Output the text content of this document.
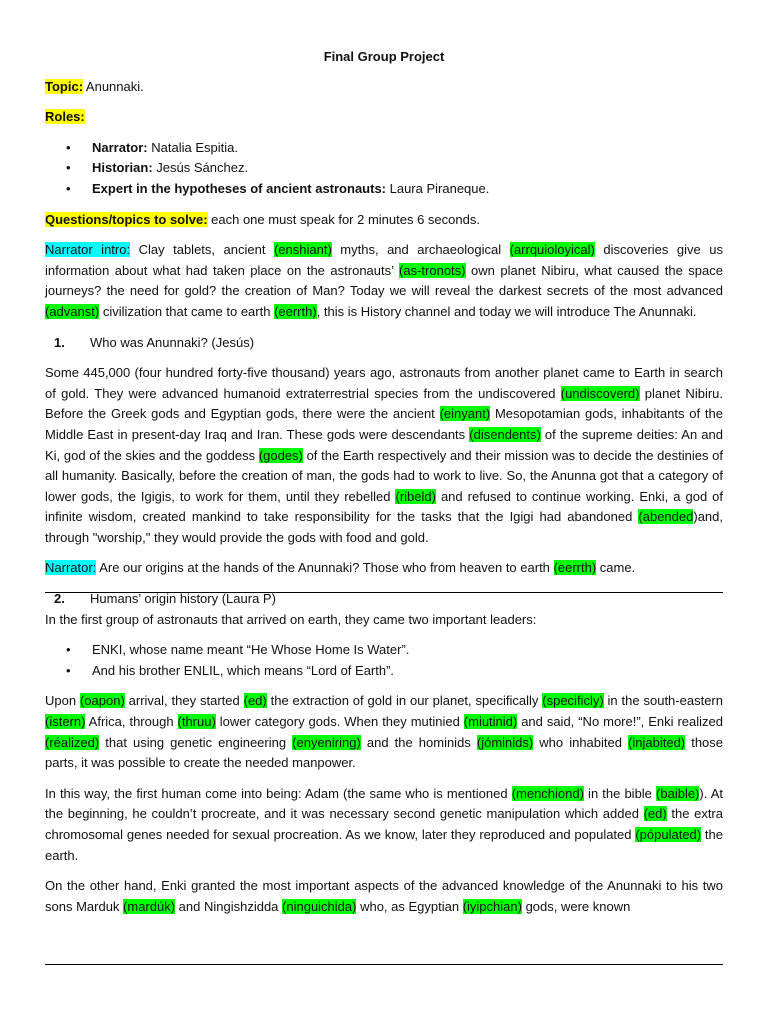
Final Group Project

Topic: Anunnaki.

Roles:

• Narrator: Natalia Espitia.
• Historian: Jesús Sánchez.
• Expert in the hypotheses of ancient astronauts: Laura Piraneque.

Questions/topics to solve: each one must speak for 2 minutes 6 seconds.

Narrator intro: Clay tablets, ancient (enshiant) myths, and archaeological (arrquioloyical) discoveries give us information about what had taken place on the astronauts’ (as-tronots) own planet Nibiru, what caused the space journeys? the need for gold? the creation of Man? Today we will reveal the darkest secrets of the most advanced (advanst) civilization that came to earth (eerrth), this is History channel and today we will introduce The Anunnaki.

1. Who was Anunnaki? (Jesús)

Some 445,000 (four hundred forty-five thousand) years ago, astronauts from another planet came to Earth in search of gold. They were advanced humanoid extraterrestrial species from the undiscovered (undiscoverd) planet Nibiru. Before the Greek gods and Egyptian gods, there were the ancient (einyant) Mesopotamian gods, inhabitants of the Middle East in present-day Iraq and Iran. These gods were descendants (disendents) of the supreme deities: An and Ki, god of the skies and the goddess (godes) of the Earth respectively and their mission was to decide the destinies of all humanity. Basically, before the creation of man, the gods had to work to live. So, the Anunna got that a category of lower gods, the Igigis, to work for them, until they rebelled (ribeld) and refused to continue working. Enki, a god of infinite wisdom, created mankind to take responsibility for the tasks that the Igigi had abandoned (abended)and, through "worship," they would provide the gods with food and gold.

Narrator: Are our origins at the hands of the Anunnaki? Those who from heaven to earth (eerrth) came.

2. Humans’ origin history (Laura P)

In the first group of astronauts that arrived on earth, they came two important leaders:

• ENKI, whose name meant “He Whose Home Is Water”.
• And his brother ENLIL, which means “Lord of Earth”.

Upon (oapon) arrival, they started (ed) the extraction of gold in our planet, specifically (specificly) in the south-eastern (istern) Africa, through (thruu) lower category gods. When they mutinied (miutinid) and said, “No more!”, Enki realized (réalized) that using genetic engineering (enyeniring) and the hominids (jóminids) who inhabited (injabited) those parts, it was possible to create the needed manpower.

In this way, the first human come into being: Adam (the same who is mentioned (menchiond) in the bible (baible)). At the beginning, he couldn’t procreate, and it was necessary second genetic manipulation which added (ed) the extra chromosomal genes needed for sexual procreation. As we know, later they reproduced and populated (pópulated) the earth.

On the other hand, Enki granted the most important aspects of the advanced knowledge of the Anunnaki to his two sons Marduk (mardúk) and Ningishzidda (ninguichida) who, as Egyptian (iyipchian) gods, were known
